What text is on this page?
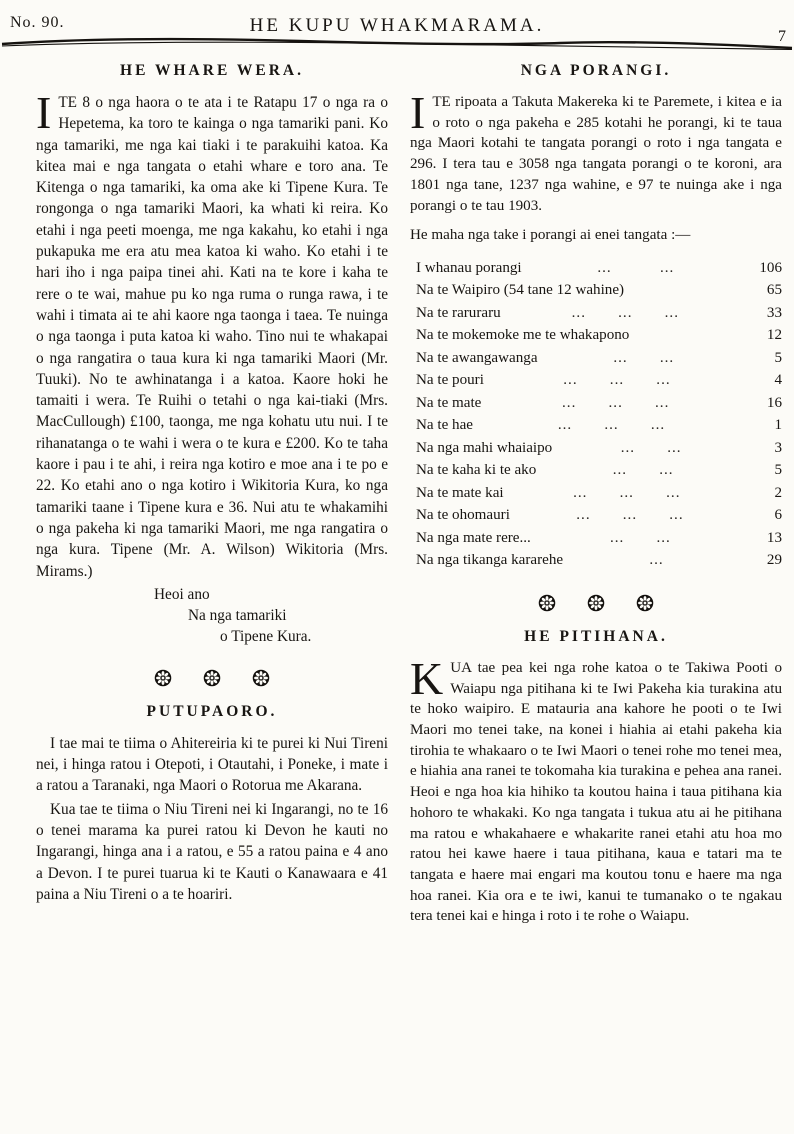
No. 90.	HE KUPU WHAKMARAMA.
7
HE WHARE WERA.
ITE 8 o nga haora o te ata i te Ratapu 17 o nga ra o Hepetema, ka toro te kainga o nga tamariki pani. Ko nga tamariki, me nga kai tiaki i te parakuihi katoa. Ka kitea mai e nga tangata o etahi whare e toro ana. Te Kitenga o nga tamariki, ka oma ake ki Tipene Kura. Te rongonga o nga tamariki Maori, ka whati ki reira. Ko etahi i nga peeti moenga, me nga kakahu, ko etahi i nga pukapuka me era atu mea katoa ki waho. Ko etahi i te hari iho i nga paipa tinei ahi. Kati na te kore i kaha te rere o te wai, mahue pu ko nga ruma o runga rawa, i te wahi i timata ai te ahi kaore nga taonga i taea. Te nuinga o nga taonga i puta katoa ki waho. Tino nui te whakapai o nga rangatira o taua kura ki nga tamariki Maori (Mr. Tuuki). No te awhinatanga i a katoa. Kaore hoki he tamaiti i wera. Te Ruihi o tetahi o nga kai-tiaki (Mrs. MacCullough) £100, taonga, me nga kohatu utu nui. I te rihanatanga o te wahi i wera o te kura e £200. Ko te taha kaore i pau i te ahi, i reira nga kotiro e moe ana i te po e 22. Ko etahi ano o nga kotiro i Wikitoria Kura, ko nga tamariki taane i Tipene kura e 36. Nui atu te whakamihi o nga pakeha ki nga tamariki Maori, me nga rangatira o nga kura. Tipene (Mr. A. Wilson) Wikitoria (Mrs. Mirams.)
Heoi ano
Na nga tamariki
o Tipene Kura.
PUTUPAORO.

I tae mai te tiima o Ahitereiria ki te purei ki Nui Tireni nei, i hinga ratou i Otepoti, i Otautahi, i Poneke, i mate i a ratou a Taranaki, nga Maori o Rotorua me Akarana.

Kua tae te tiima o Niu Tireni nei ki Ingarangi, no te 16 o tenei marama ka purei ratou ki Devon he kauti no Ingarangi, hinga ana i a ratou, e 55 a ratou paina e 4 ano a Devon. I te purei tuarua ki te Kauti o Kanawaara e 41 paina a Niu Tireni o a te hoariri.

NGA PORANGI.
ITE ripoata a Takuta Makereka ki te Paremete, i kitea e ia o roto o nga pakeha e 285 kotahi he porangi, ki te taua nga Maori kotahi te tangata porangi o roto i nga tangata e 296. I tera tau e 3058 nga tangata porangi o te koroni, ara 1801 nga tane, 1237 nga wahine, e 97 te nuinga ake i nga porangi o te tau 1903.
He maha nga take i porangi ai enei tangata :—
I whanau porangi	...   ...	106
Na te Waipiro (54 tane 12 wahine)	65
Na te raruraru	...  ...  ...	33
Na te mokemoke me te whakapono	12
Na te awangawanga	...  ...	5
Na te pouri	...  ...  ...	4
Na te mate	...  ...  ...	16
Na te hae	...  ...  ...	1
Na nga mahi whaiaipo	...  ...	3
Na te kaha ki te ako	...  ...	5
Na te mate kai	...  ...  ...	2
Na te ohomauri	...  ...  ...	6
Na nga mate rere...	...  ...	13
Na nga tikanga kararehe	...	29
HE PITIHANA.
KUA tae pea kei nga rohe katoa o te Takiwa Pooti o Waiapu nga pitihana ki te Iwi Pakeha kia turakina atu te hoko waipiro. E matauria ana kahore he pooti o te Iwi Maori mo tenei take, na konei i hiahia ai etahi pakeha kia tirohia te whakaaro o te Iwi Maori o tenei rohe mo tenei mea, e hiahia ana ranei te tokomaha kia turakina e pehea ana ranei. Heoi e nga hoa kia hihiko ta koutou haina i taua pitihana kia hohoro te whakaki. Ko nga tangata i tukua atu ai he pitihana ma ratou e whakahaere e whakarite ranei etahi atu hoa mo ratou hei kawe haere i taua pitihana, kaua e tatari ma te tangata e haere mai engari ma koutou tonu e haere ma nga hoa ranei. Kia ora e te iwi, kanui te tumanako o te ngakau tera tenei kai e hinga i roto i te rohe o Waiapu.
